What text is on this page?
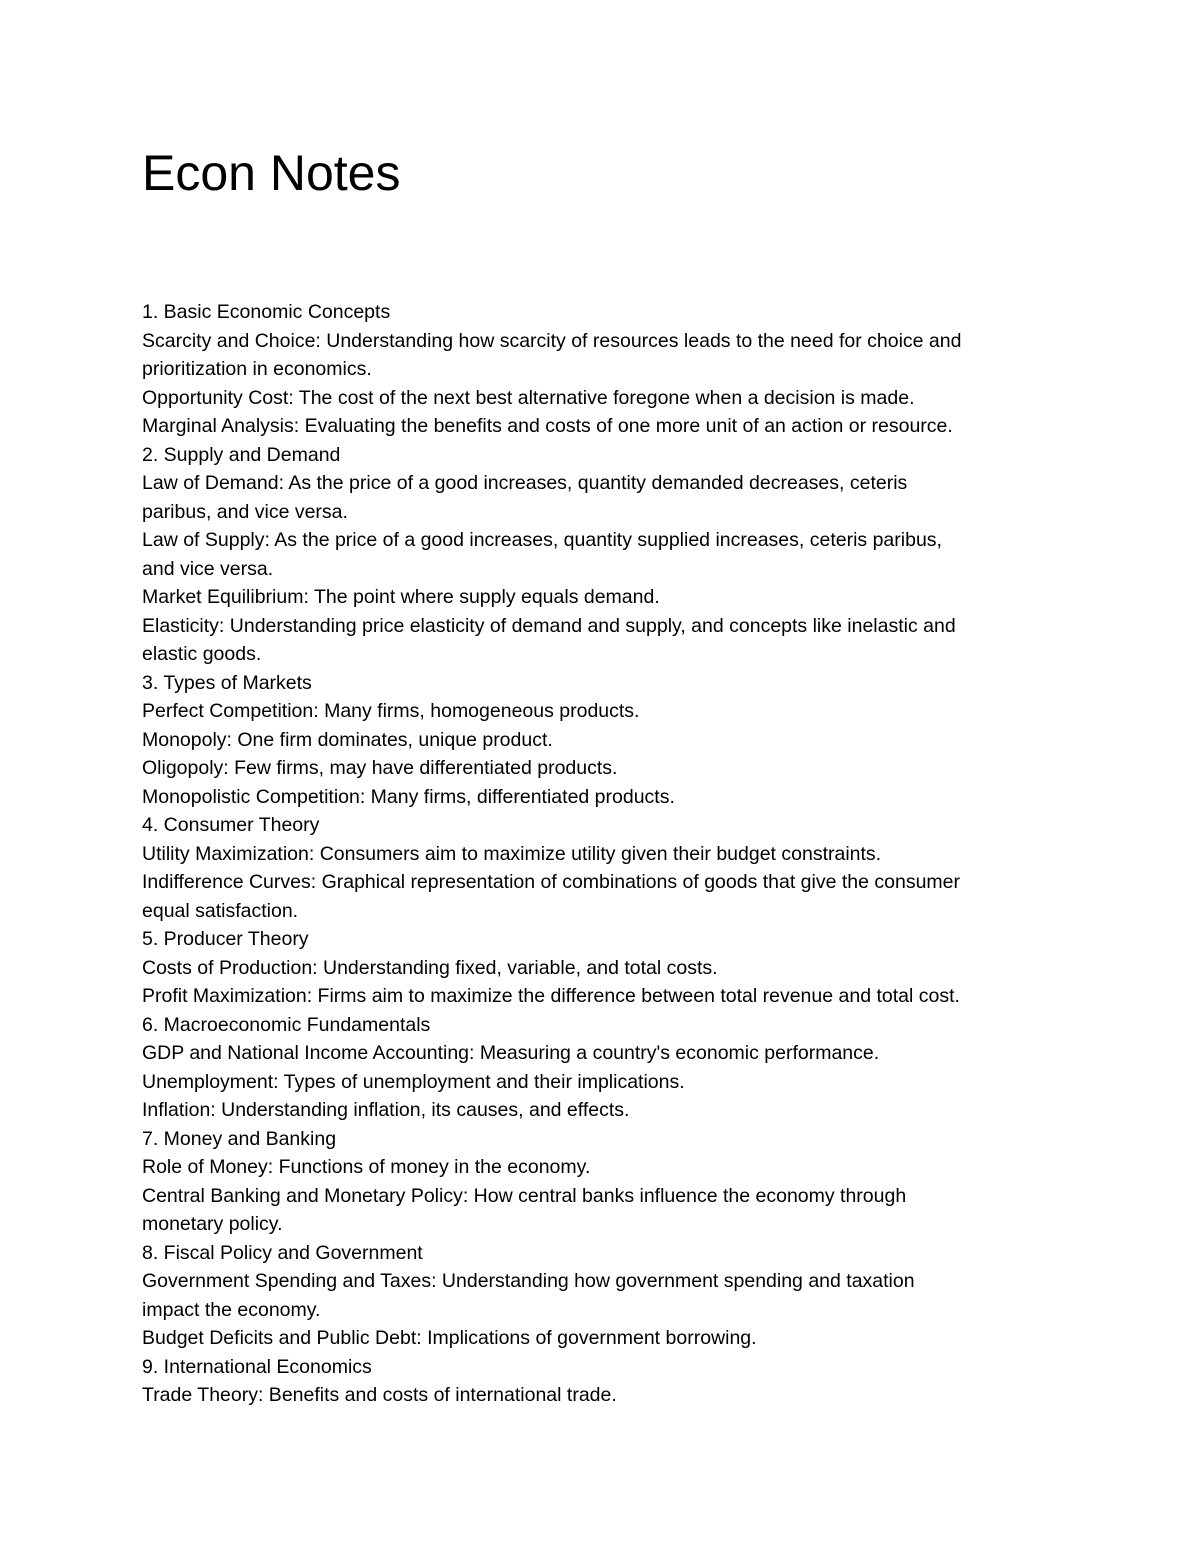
Econ Notes

1. Basic Economic Concepts

Scarcity and Choice: Understanding how scarcity of resources leads to the need for choice and

prioritization in economics.

Opportunity Cost: The cost of the next best alternative foregone when a decision is made.

Marginal Analysis: Evaluating the benefits and costs of one more unit of an action or resource.

2. Supply and Demand

Law of Demand: As the price of a good increases, quantity demanded decreases, ceteris

paribus, and vice versa.

Law of Supply: As the price of a good increases, quantity supplied increases, ceteris paribus,

and vice versa.

Market Equilibrium: The point where supply equals demand.

Elasticity: Understanding price elasticity of demand and supply, and concepts like inelastic and

elastic goods.

3. Types of Markets

Perfect Competition: Many firms, homogeneous products.

Monopoly: One firm dominates, unique product.

Oligopoly: Few firms, may have differentiated products.

Monopolistic Competition: Many firms, differentiated products.

4. Consumer Theory

Utility Maximization: Consumers aim to maximize utility given their budget constraints.

Indifference Curves: Graphical representation of combinations of goods that give the consumer

equal satisfaction.

5. Producer Theory

Costs of Production: Understanding fixed, variable, and total costs.

Profit Maximization: Firms aim to maximize the difference between total revenue and total cost.

6. Macroeconomic Fundamentals

GDP and National Income Accounting: Measuring a country's economic performance.

Unemployment: Types of unemployment and their implications.

Inflation: Understanding inflation, its causes, and effects.

7. Money and Banking

Role of Money: Functions of money in the economy.

Central Banking and Monetary Policy: How central banks influence the economy through

monetary policy.

8. Fiscal Policy and Government

Government Spending and Taxes: Understanding how government spending and taxation

impact the economy.

Budget Deficits and Public Debt: Implications of government borrowing.

9. International Economics

Trade Theory: Benefits and costs of international trade.
